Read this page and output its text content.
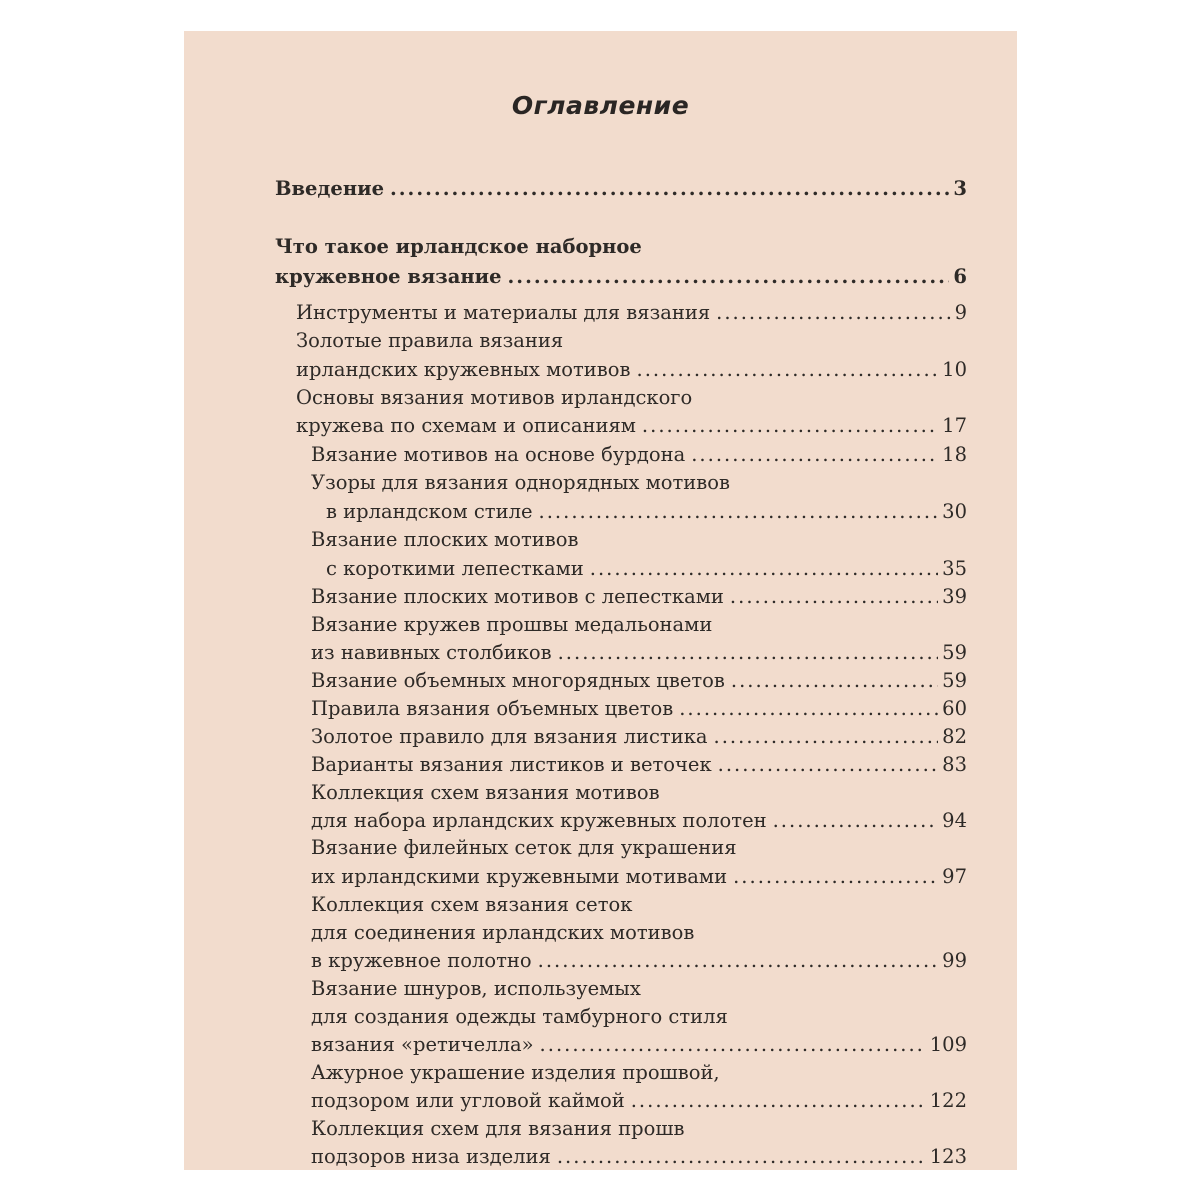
Оглавление
Введение .....	3
Что такое ирландское наборное
кружевное вязание .....	6
Инструменты и материалы для вязания .....	9
Золотые правила вязания
ирландских кружевных мотивов .....	10
Основы вязания мотивов ирландского
кружева по схемам и описаниям .....	17
Вязание мотивов на основе бурдона .....	18
Узоры для вязания однорядных мотивов
в ирландском стиле .....	30
Вязание плоских мотивов
с короткими лепестками .....	35
Вязание плоских мотивов с лепестками .....	39
Вязание кружев прошвы медальонами
из навивных столбиков .....	59
Вязание объемных многорядных цветов .....	59
Правила вязания объемных цветов .....	60
Золотое правило для вязания листика .....	82
Варианты вязания листиков и веточек .....	83
Коллекция схем вязания мотивов
для набора ирландских кружевных полотен .....	94
Вязание филейных сеток для украшения
их ирландскими кружевными мотивами .....	97
Коллекция схем вязания сеток
для соединения ирландских мотивов
в кружевное полотно .....	99
Вязание шнуров, используемых
для создания одежды тамбурного стиля
вязания «ретичелла» .....	109
Ажурное украшение изделия прошвой,
подзором или угловой каймой .....	122
Коллекция схем для вязания прошв
подзоров низа изделия .....	123
